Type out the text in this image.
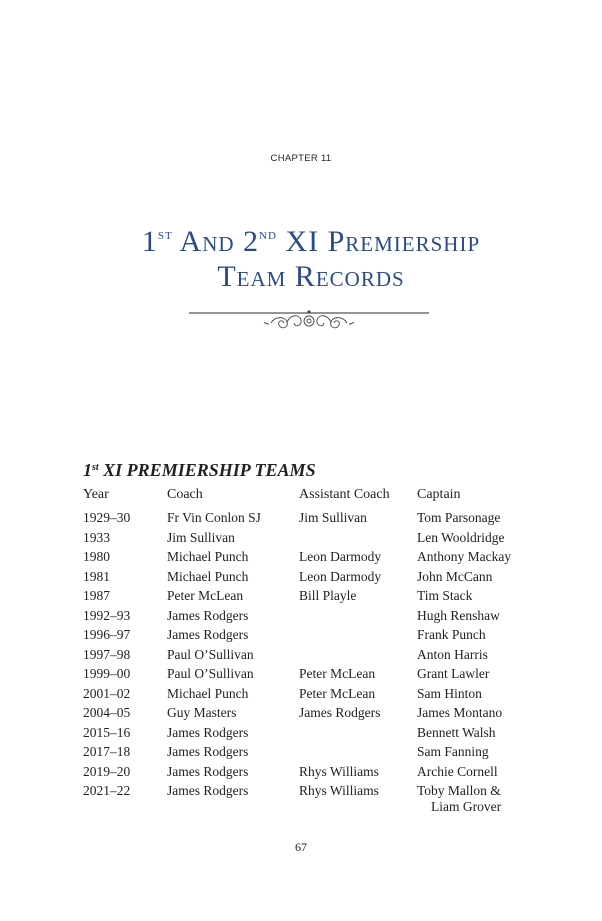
CHAPTER 11
1st And 2nd XI Premiership
Team Records
1st XI PREMIERSHIP TEAMS
Year	Coach	Assistant Coach	Captain
1929–30	Fr Vin Conlon SJ	Jim Sullivan	Tom Parsonage
1933	Jim Sullivan		Len Wooldridge
1980	Michael Punch	Leon Darmody	Anthony Mackay
1981	Michael Punch	Leon Darmody	John McCann
1987	Peter McLean	Bill Playle	Tim Stack
1992–93	James Rodgers		Hugh Renshaw
1996–97	James Rodgers		Frank Punch
1997–98	Paul O’Sullivan		Anton Harris
1999–00	Paul O’Sullivan	Peter McLean	Grant Lawler
2001–02	Michael Punch	Peter McLean	Sam Hinton
2004–05	Guy Masters	James Rodgers	James Montano
2015–16	James Rodgers		Bennett Walsh
2017–18	James Rodgers		Sam Fanning
2019–20	James Rodgers	Rhys Williams	Archie Cornell
2021–22	James Rodgers	Rhys Williams	Toby Mallon &
Liam Grover
67
